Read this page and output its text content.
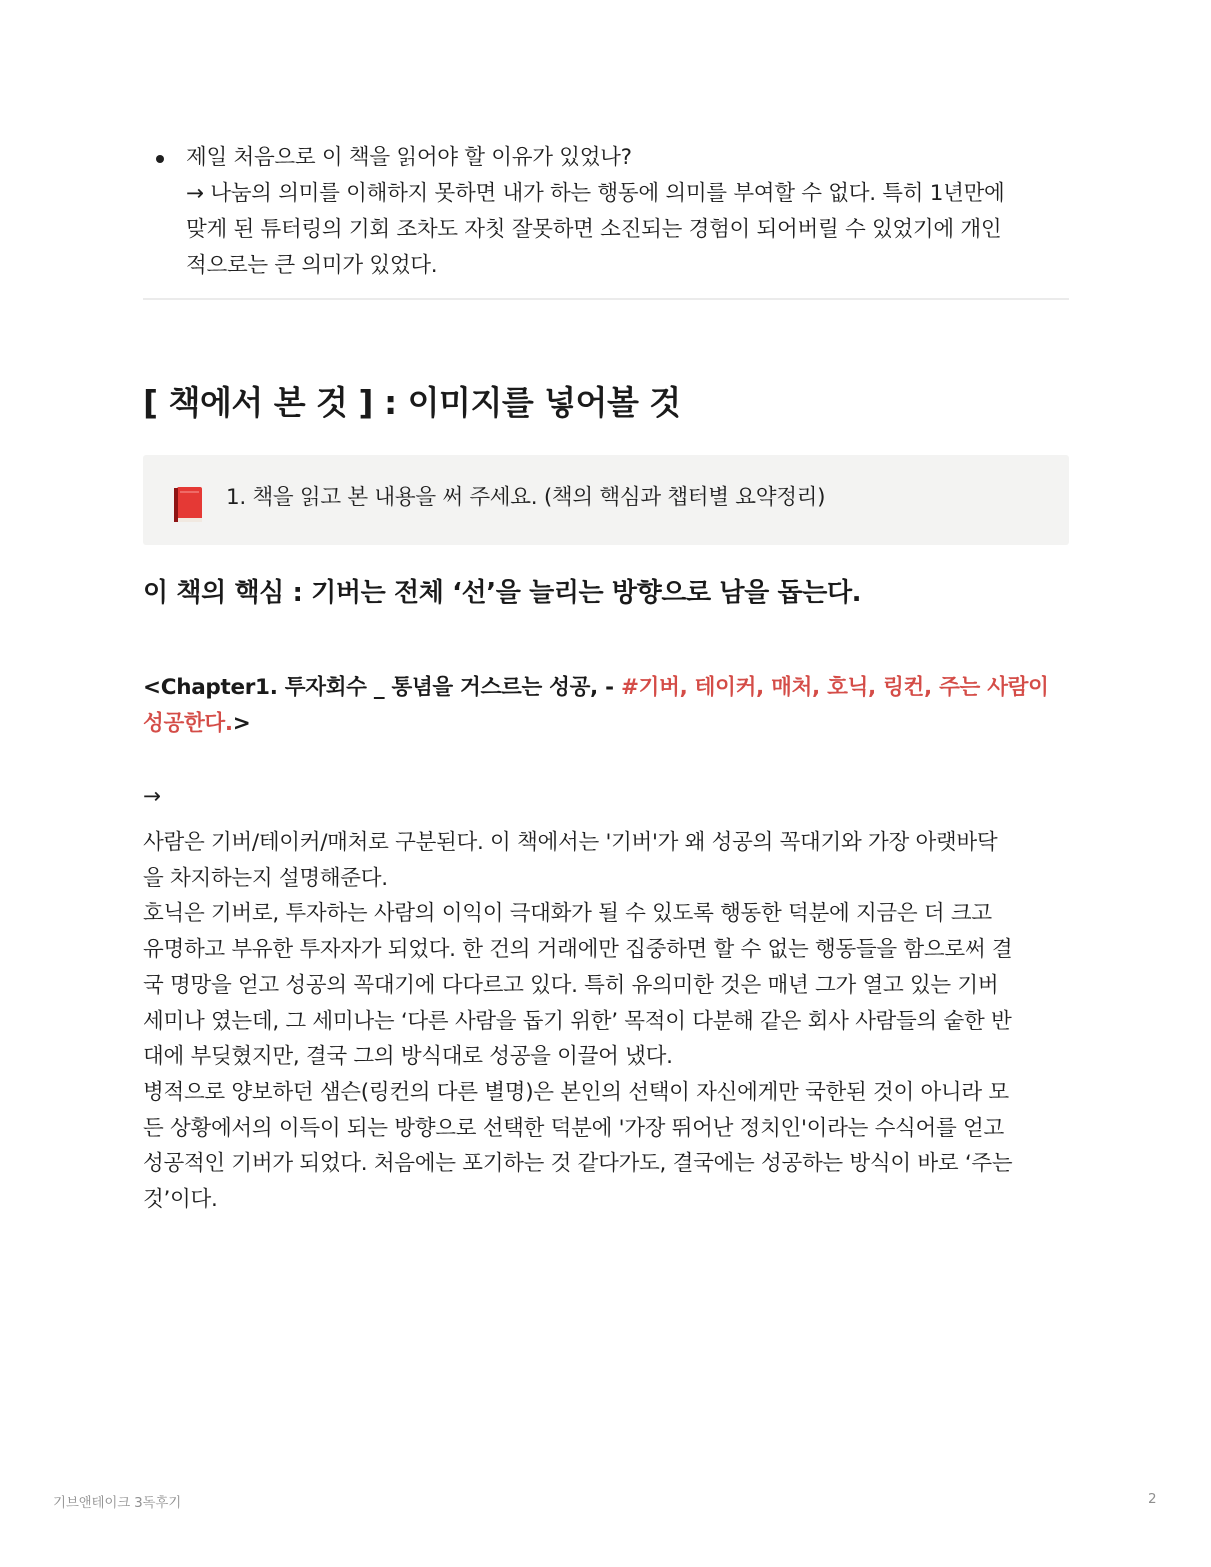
제일 처음으로 이 책을 읽어야 할 이유가 있었나?

→ 나눔의 의미를 이해하지 못하면 내가 하는 행동에 의미를 부여할 수 없다. 특히 1년만에

맞게 된 튜터링의 기회 조차도 자칫 잘못하면 소진되는 경험이 되어버릴 수 있었기에 개인

적으로는 큰 의미가 있었다.

[ 책에서 본 것 ] : 이미지를 넣어볼 것
1. 책을 읽고 본 내용을 써 주세요. (책의 핵심과 챕터별 요약정리)
이 책의 핵심 : 기버는 전체 ‘선’을 늘리는 방향으로 남을 돕는다.
<Chapter1. 투자회수 _ 통념을 거스르는 성공, - #기버, 테이커, 매처, 호닉, 링컨, 주는 사람이
성공한다.>
→

사람은 기버/테이커/매처로 구분된다. 이 책에서는 '기버'가 왜 성공의 꼭대기와 가장 아랫바닥

을 차지하는지 설명해준다.

호닉은 기버로, 투자하는 사람의 이익이 극대화가 될 수 있도록 행동한 덕분에 지금은 더 크고

유명하고 부유한 투자자가 되었다. 한 건의 거래에만 집중하면 할 수 없는 행동들을 함으로써 결

국 명망을 얻고 성공의 꼭대기에 다다르고 있다. 특히 유의미한 것은 매년 그가 열고 있는 기버

세미나 였는데, 그 세미나는 ‘다른 사람을 돕기 위한’ 목적이 다분해 같은 회사 사람들의 숱한 반

대에 부딪혔지만, 결국 그의 방식대로 성공을 이끌어 냈다.

병적으로 양보하던 샘슨(링컨의 다른 별명)은 본인의 선택이 자신에게만 국한된 것이 아니라 모

든 상황에서의 이득이 되는 방향으로 선택한 덕분에 '가장 뛰어난 정치인'이라는 수식어를 얻고

성공적인 기버가 되었다. 처음에는 포기하는 것 같다가도, 결국에는 성공하는 방식이 바로 ‘주는

것’이다.

기브앤테이크 3독후기	2
